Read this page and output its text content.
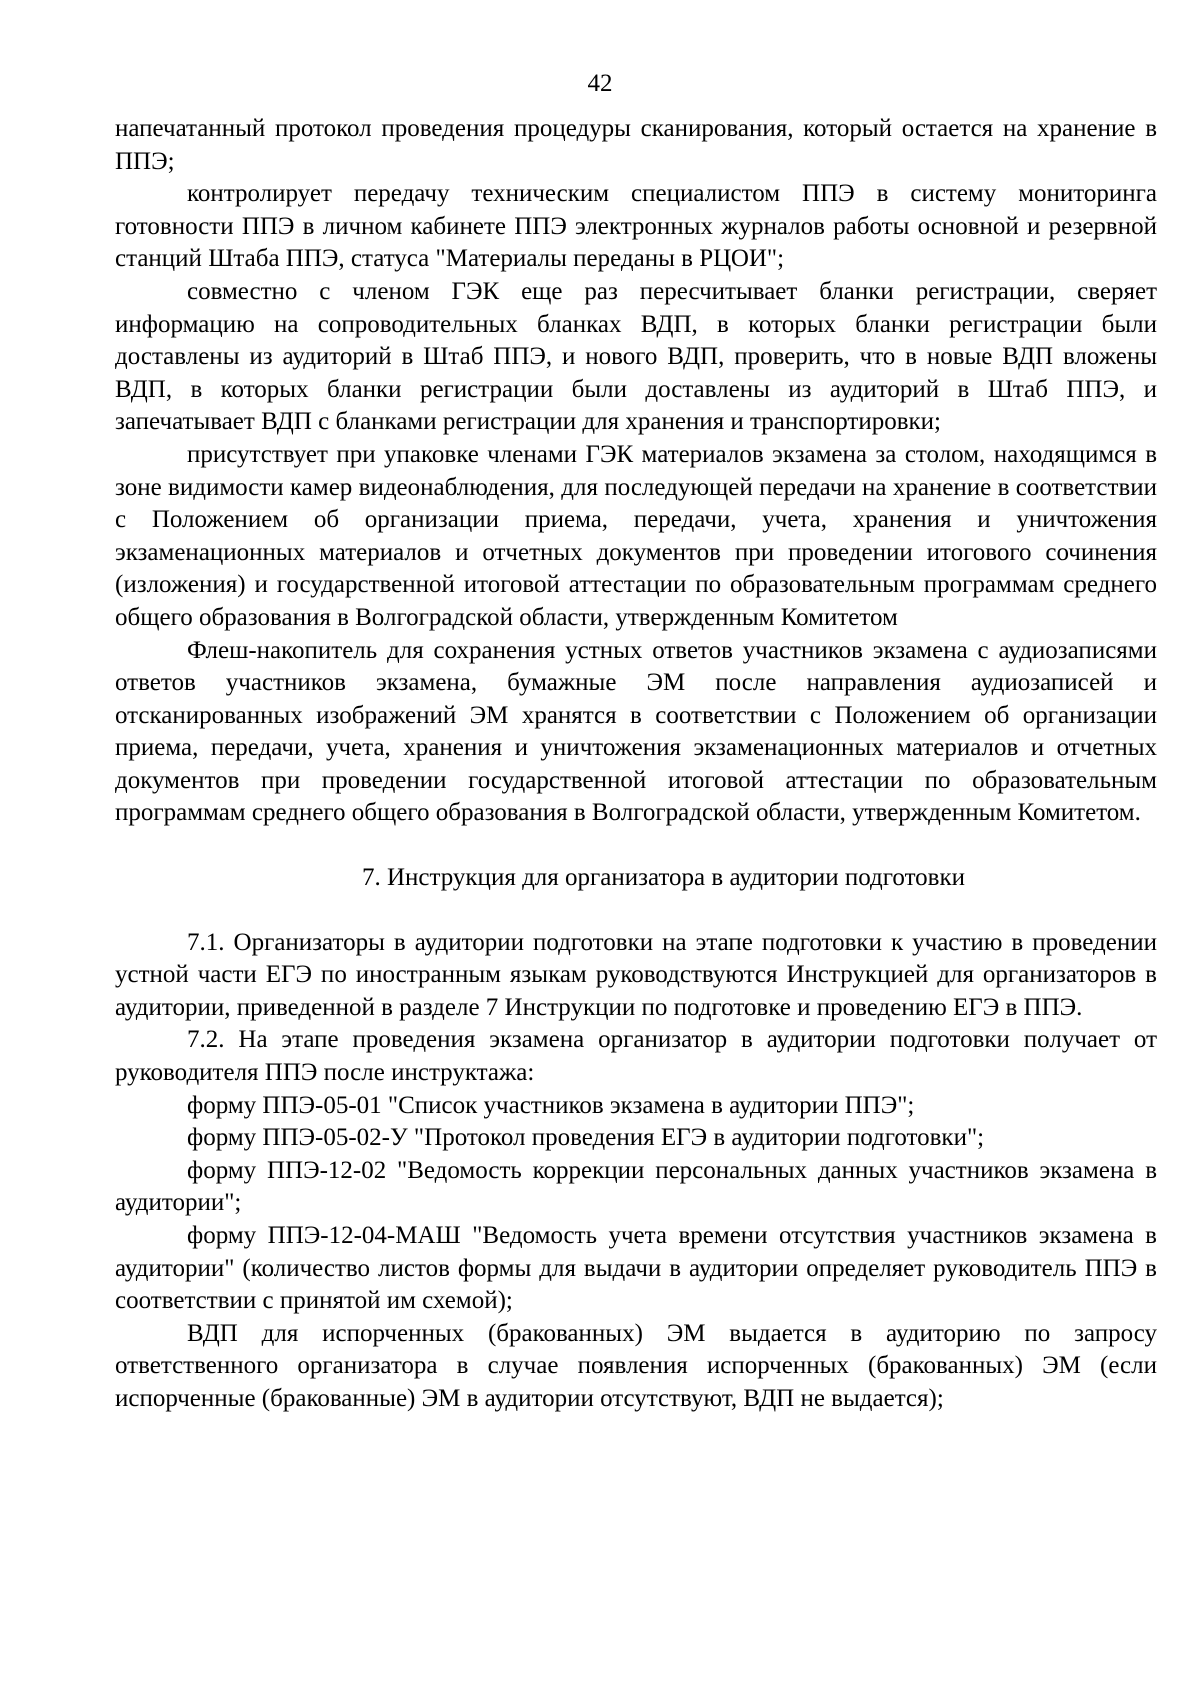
42

напечатанный протокол проведения процедуры сканирования, который остается на хранение в ППЭ;

контролирует передачу техническим специалистом ППЭ в систему мониторинга готовности ППЭ в личном кабинете ППЭ электронных журналов работы основной и резервной станций Штаба ППЭ, статуса "Материалы переданы в РЦОИ";

совместно с членом ГЭК еще раз пересчитывает бланки регистрации, сверяет информацию на сопроводительных бланках ВДП, в которых бланки регистрации были доставлены из аудиторий в Штаб ППЭ, и нового ВДП, проверить, что в новые ВДП вложены ВДП, в которых бланки регистрации были доставлены из аудиторий в Штаб ППЭ, и запечатывает ВДП с бланками регистрации для хранения и транспортировки;

присутствует при упаковке членами ГЭК материалов экзамена за столом, находящимся в зоне видимости камер видеонаблюдения, для последующей передачи на хранение в соответствии с Положением об организации приема, передачи, учета, хранения и уничтожения экзаменационных материалов и отчетных документов при проведении итогового сочинения (изложения) и государственной итоговой аттестации по образовательным программам среднего общего образования в Волгоградской области, утвержденным Комитетом

Флеш-накопитель для сохранения устных ответов участников экзамена с аудиозаписями ответов участников экзамена, бумажные ЭМ после направления аудиозаписей и отсканированных изображений ЭМ хранятся в соответствии с Положением об организации приема, передачи, учета, хранения и уничтожения экзаменационных материалов и отчетных документов при проведении государственной итоговой аттестации по образовательным программам среднего общего образования в Волгоградской области, утвержденным Комитетом.

7. Инструкция для организатора в аудитории подготовки

7.1. Организаторы в аудитории подготовки на этапе подготовки к участию в проведении устной части ЕГЭ по иностранным языкам руководствуются Инструкцией для организаторов в аудитории, приведенной в разделе 7 Инструкции по подготовке и проведению ЕГЭ в ППЭ.

7.2. На этапе проведения экзамена организатор в аудитории подготовки получает от руководителя ППЭ после инструктажа:

форму ППЭ-05-01 "Список участников экзамена в аудитории ППЭ";

форму ППЭ-05-02-У "Протокол проведения ЕГЭ в аудитории подготовки";

форму ППЭ-12-02 "Ведомость коррекции персональных данных участников экзамена в аудитории";

форму ППЭ-12-04-МАШ "Ведомость учета времени отсутствия участников экзамена в аудитории" (количество листов формы для выдачи в аудитории определяет руководитель ППЭ в соответствии с принятой им схемой);

ВДП для испорченных (бракованных) ЭМ выдается в аудиторию по запросу ответственного организатора в случае появления испорченных (бракованных) ЭМ (если испорченные (бракованные) ЭМ в аудитории отсутствуют, ВДП не выдается);
